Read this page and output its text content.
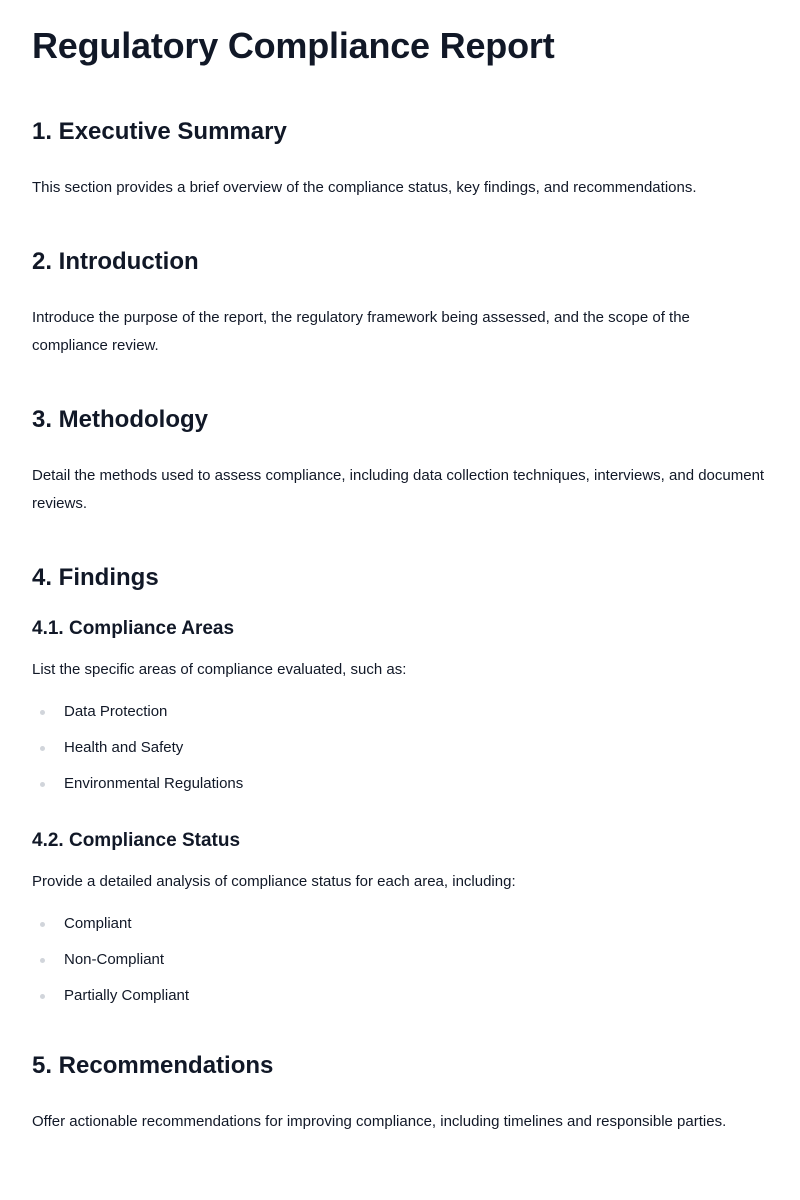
Regulatory Compliance Report
1. Executive Summary

This section provides a brief overview of the compliance status, key findings, and recommendations.

2. Introduction

Introduce the purpose of the report, the regulatory framework being assessed, and the scope of the compliance review.

3. Methodology

Detail the methods used to assess compliance, including data collection techniques, interviews, and document reviews.

4. Findings
4.1. Compliance Areas

List the specific areas of compliance evaluated, such as:

Data Protection
Health and Safety
Environmental Regulations
4.2. Compliance Status

Provide a detailed analysis of compliance status for each area, including:

Compliant
Non-Compliant
Partially Compliant
5. Recommendations

Offer actionable recommendations for improving compliance, including timelines and responsible parties.
